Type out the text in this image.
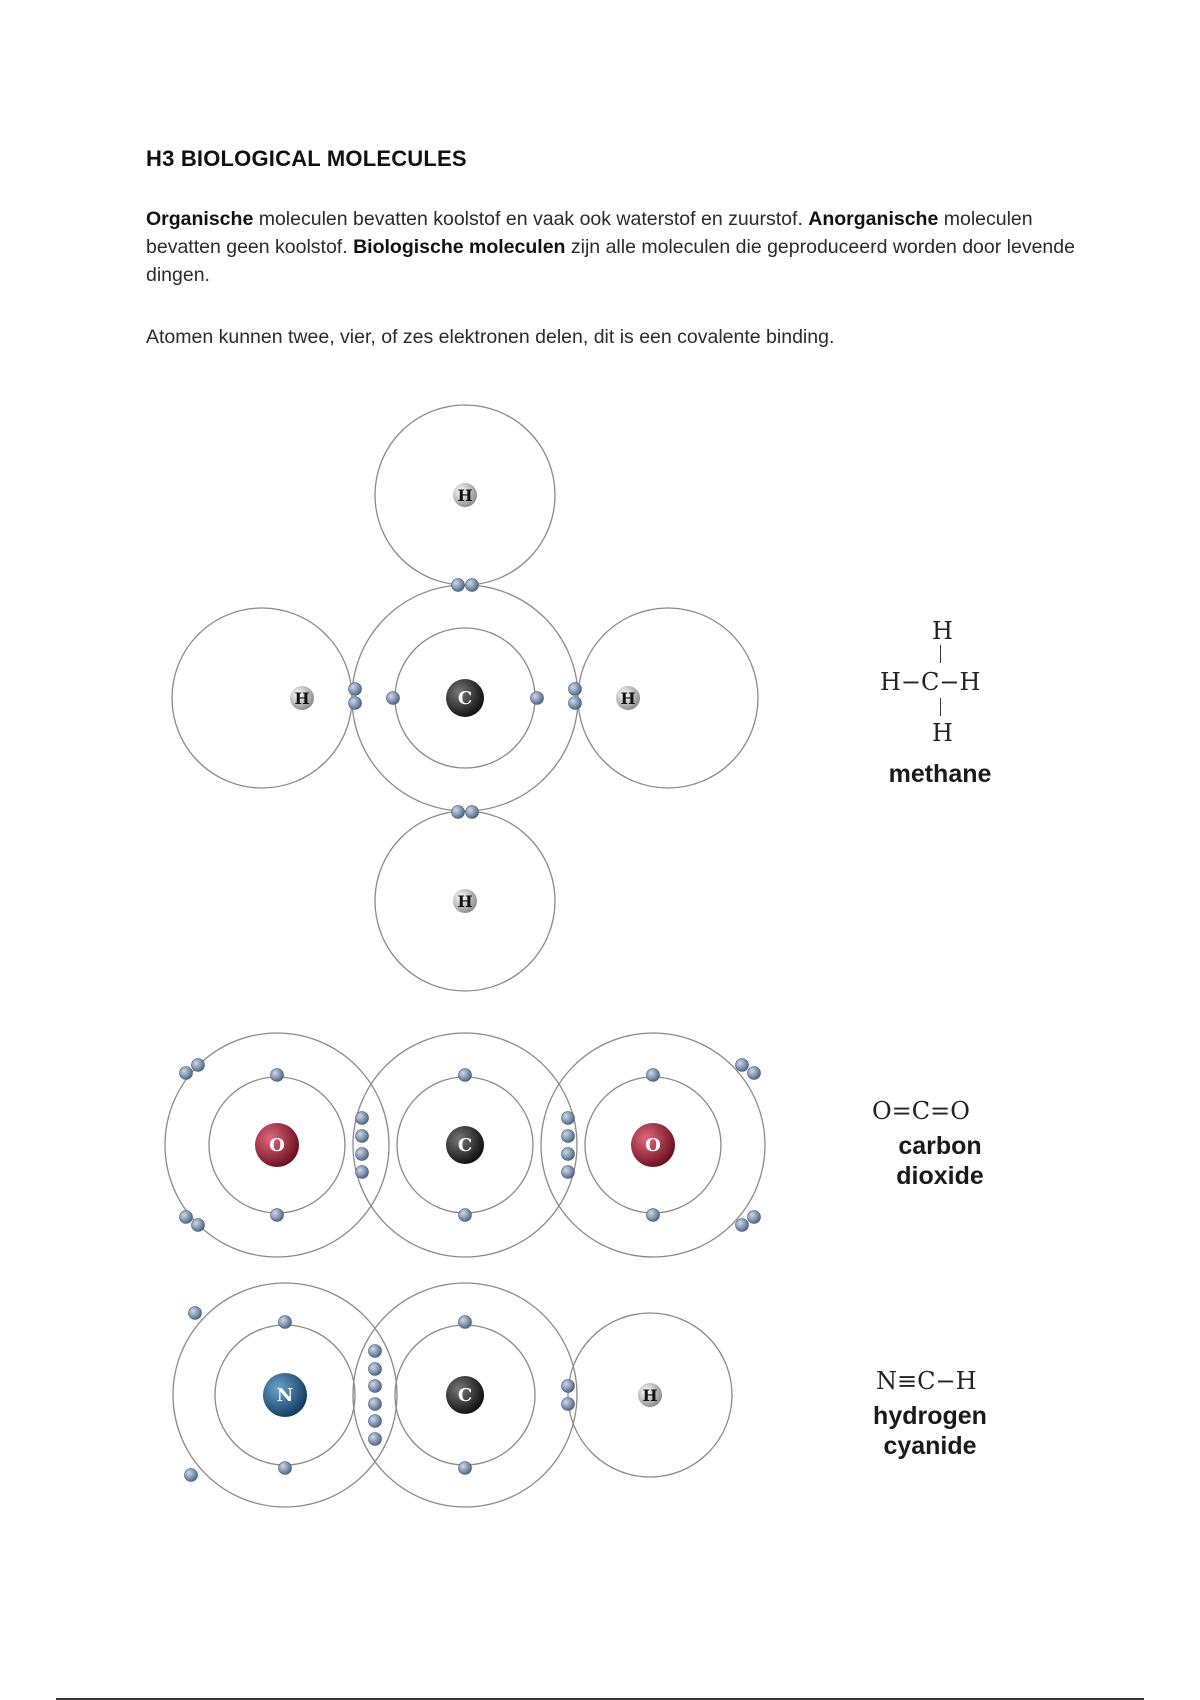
H3 BIOLOGICAL MOLECULES
Organische moleculen bevatten koolstof en vaak ook waterstof en zuurstof. Anorganische moleculen bevatten geen koolstof. Biologische moleculen zijn alle moleculen die geproduceerd worden door levende dingen.
Atomen kunnen twee, vier, of zes elektronen delen, dit is een covalente binding.
C
H
H
H	H
O	C	O
N	C	H
H
H−C−H
H
methane
O=C=O
carbon
dioxide
N≡C−H
hydrogen
cyanide
